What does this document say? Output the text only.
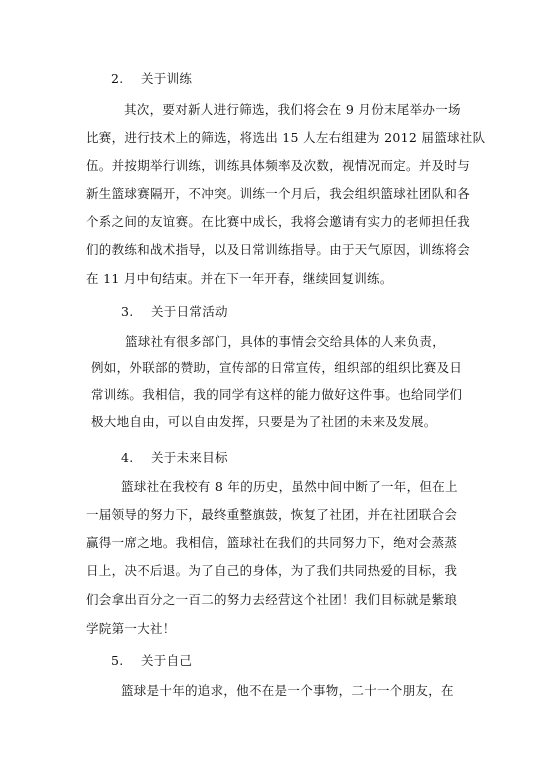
2. 关于训练
其次，要对新人进行筛选，我们将会在 9 月份末尾举办一场
比赛，进行技术上的筛选，将选出 15 人左右组建为 2012 届篮球社队
伍。并按期举行训练，训练具体频率及次数，视情况而定。并及时与
新生篮球赛隔开，不冲突。训练一个月后，我会组织篮球社团队和各
个系之间的友谊赛。在比赛中成长，我将会邀请有实力的老师担任我
们的教练和战术指导，以及日常训练指导。由于天气原因，训练将会
在 11 月中旬结束。并在下一年开春，继续回复训练。
3. 关于日常活动
篮球社有很多部门，具体的事情会交给具体的人来负责，
例如，外联部的赞助，宣传部的日常宣传，组织部的组织比赛及日
常训练。我相信，我的同学有这样的能力做好这件事。也给同学们
极大地自由，可以自由发挥，只要是为了社团的未来及发展。
4. 关于未来目标
篮球社在我校有 8 年的历史，虽然中间中断了一年，但在上
一届领导的努力下，最终重整旗鼓，恢复了社团，并在社团联合会
赢得一席之地。我相信，篮球社在我们的共同努力下，绝对会蒸蒸
日上，决不后退。为了自己的身体，为了我们共同热爱的目标，我
们会拿出百分之一百二的努力去经营这个社团！我们目标就是紫琅
学院第一大社！
5. 关于自己
篮球是十年的追求，他不在是一个事物，二十一个朋友，在
